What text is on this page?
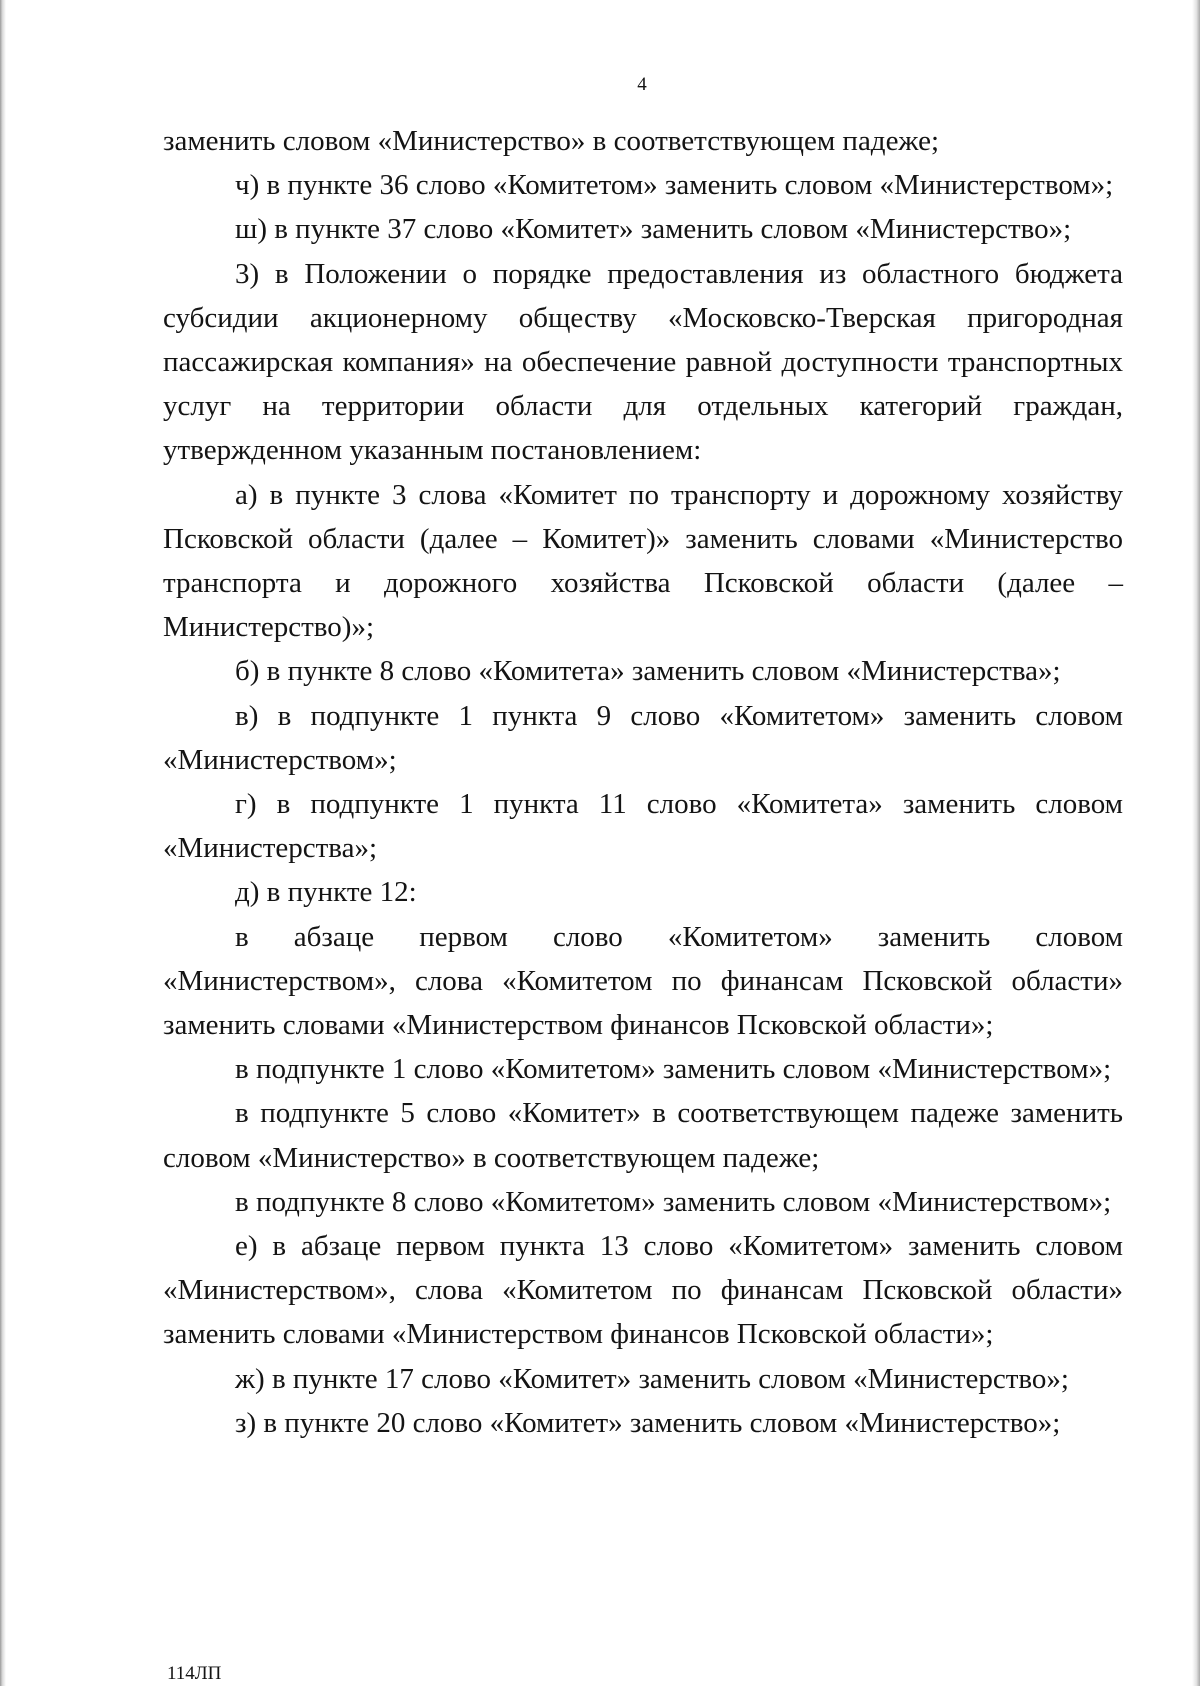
4

заменить словом «Министерство» в соответствующем падеже;

ч) в пункте 36 слово «Комитетом» заменить словом «Министерством»;

ш) в пункте 37 слово «Комитет» заменить словом «Министерство»;

3) в Положении о порядке предоставления из областного бюджета субсидии акционерному обществу «Московско-Тверская пригородная пассажирская компания» на обеспечение равной доступности транспортных услуг на территории области для отдельных категорий граждан, утвержденном указанным постановлением:

а) в пункте 3 слова «Комитет по транспорту и дорожному хозяйству Псковской области (далее – Комитет)» заменить словами «Министерство транспорта и дорожного хозяйства Псковской области (далее – Министерство)»;

б) в пункте 8 слово «Комитета» заменить словом «Министерства»;

в) в подпункте 1 пункта 9 слово «Комитетом» заменить словом «Министерством»;

г) в подпункте 1 пункта 11 слово «Комитета» заменить словом «Министерства»;

д) в пункте 12:

в абзаце первом слово «Комитетом» заменить словом «Министерством», слова «Комитетом по финансам Псковской области» заменить словами «Министерством финансов Псковской области»;

в подпункте 1 слово «Комитетом» заменить словом «Министерством»;

в подпункте 5 слово «Комитет» в соответствующем падеже заменить словом «Министерство» в соответствующем падеже;

в подпункте 8 слово «Комитетом» заменить словом «Министерством»;

е) в абзаце первом пункта 13 слово «Комитетом» заменить словом «Министерством», слова «Комитетом по финансам Псковской области» заменить словами «Министерством финансов Псковской области»;

ж) в пункте 17 слово «Комитет» заменить словом «Министерство»;

з) в пункте 20 слово «Комитет» заменить словом «Министерство»;

114ЛП
